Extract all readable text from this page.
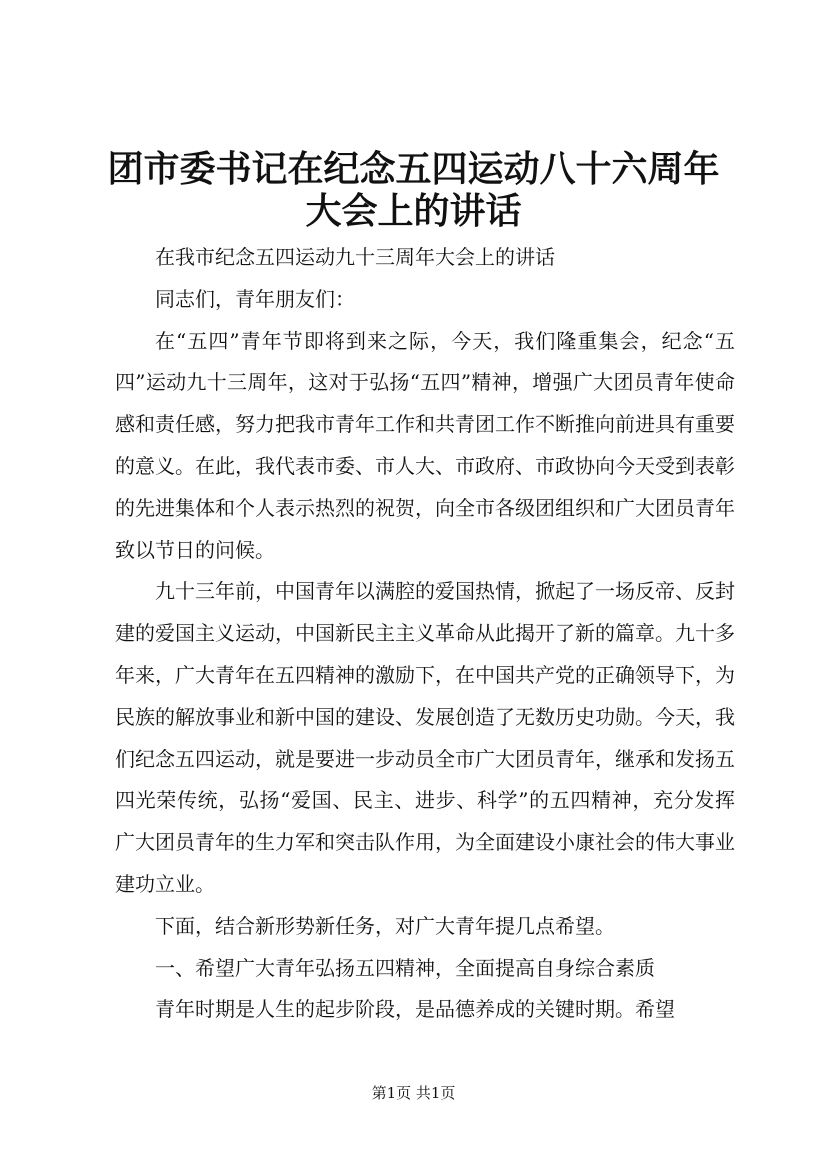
团市委书记在纪念五四运动八十六周年大会上的讲话

在我市纪念五四运动九十三周年大会上的讲话

同志们，青年朋友们：

在“五四”青年节即将到来之际，今天，我们隆重集会，纪念“五四”运动九十三周年，这对于弘扬“五四”精神，增强广大团员青年使命感和责任感，努力把我市青年工作和共青团工作不断推向前进具有重要的意义。在此，我代表市委、市人大、市政府、市政协向今天受到表彰的先进集体和个人表示热烈的祝贺，向全市各级团组织和广大团员青年致以节日的问候。

九十三年前，中国青年以满腔的爱国热情，掀起了一场反帝、反封建的爱国主义运动，中国新民主主义革命从此揭开了新的篇章。九十多年来，广大青年在五四精神的激励下，在中国共产党的正确领导下，为民族的解放事业和新中国的建设、发展创造了无数历史功勋。今天，我们纪念五四运动，就是要进一步动员全市广大团员青年，继承和发扬五四光荣传统，弘扬“爱国、民主、进步、科学”的五四精神，充分发挥广大团员青年的生力军和突击队作用，为全面建设小康社会的伟大事业建功立业。

下面，结合新形势新任务，对广大青年提几点希望。

一、希望广大青年弘扬五四精神，全面提高自身综合素质

青年时期是人生的起步阶段，是品德养成的关键时期。希望

第1页 共1页
